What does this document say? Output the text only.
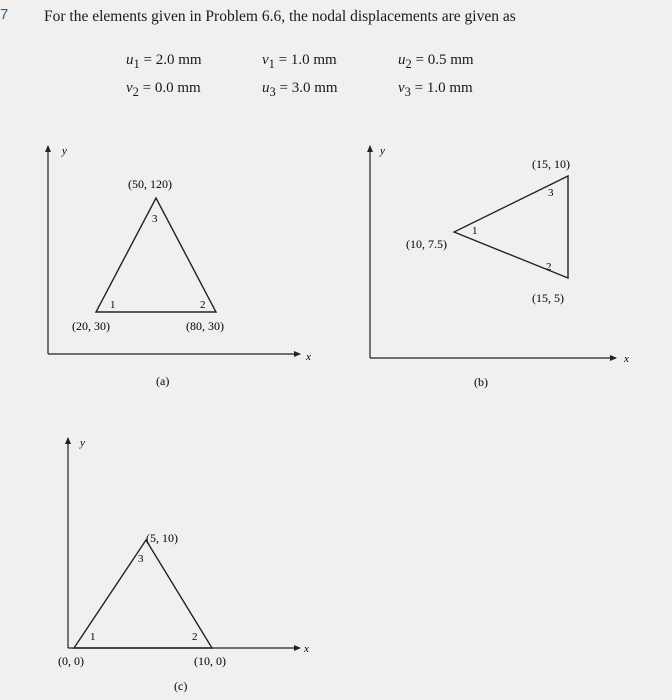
7 For the elements given in Problem 6.6, the nodal displacements are given as
$u_1 = 2.0$ mm	$v_1 = 1.0$ mm	$u_2 = 0.5$ mm
$v_2 = 0.0$ mm	$u_3 = 3.0$ mm	$v_3 = 1.0$ mm
y
x
1	2
3
(20, 30)	(80, 30)
(50, 120)
(a)
y
x
1
2
3
(10, 7.5)
(15, 5)
(15, 10)
(b)
y
x
1	2
3
(0, 0)	(10, 0)
(5, 10)
(c)
